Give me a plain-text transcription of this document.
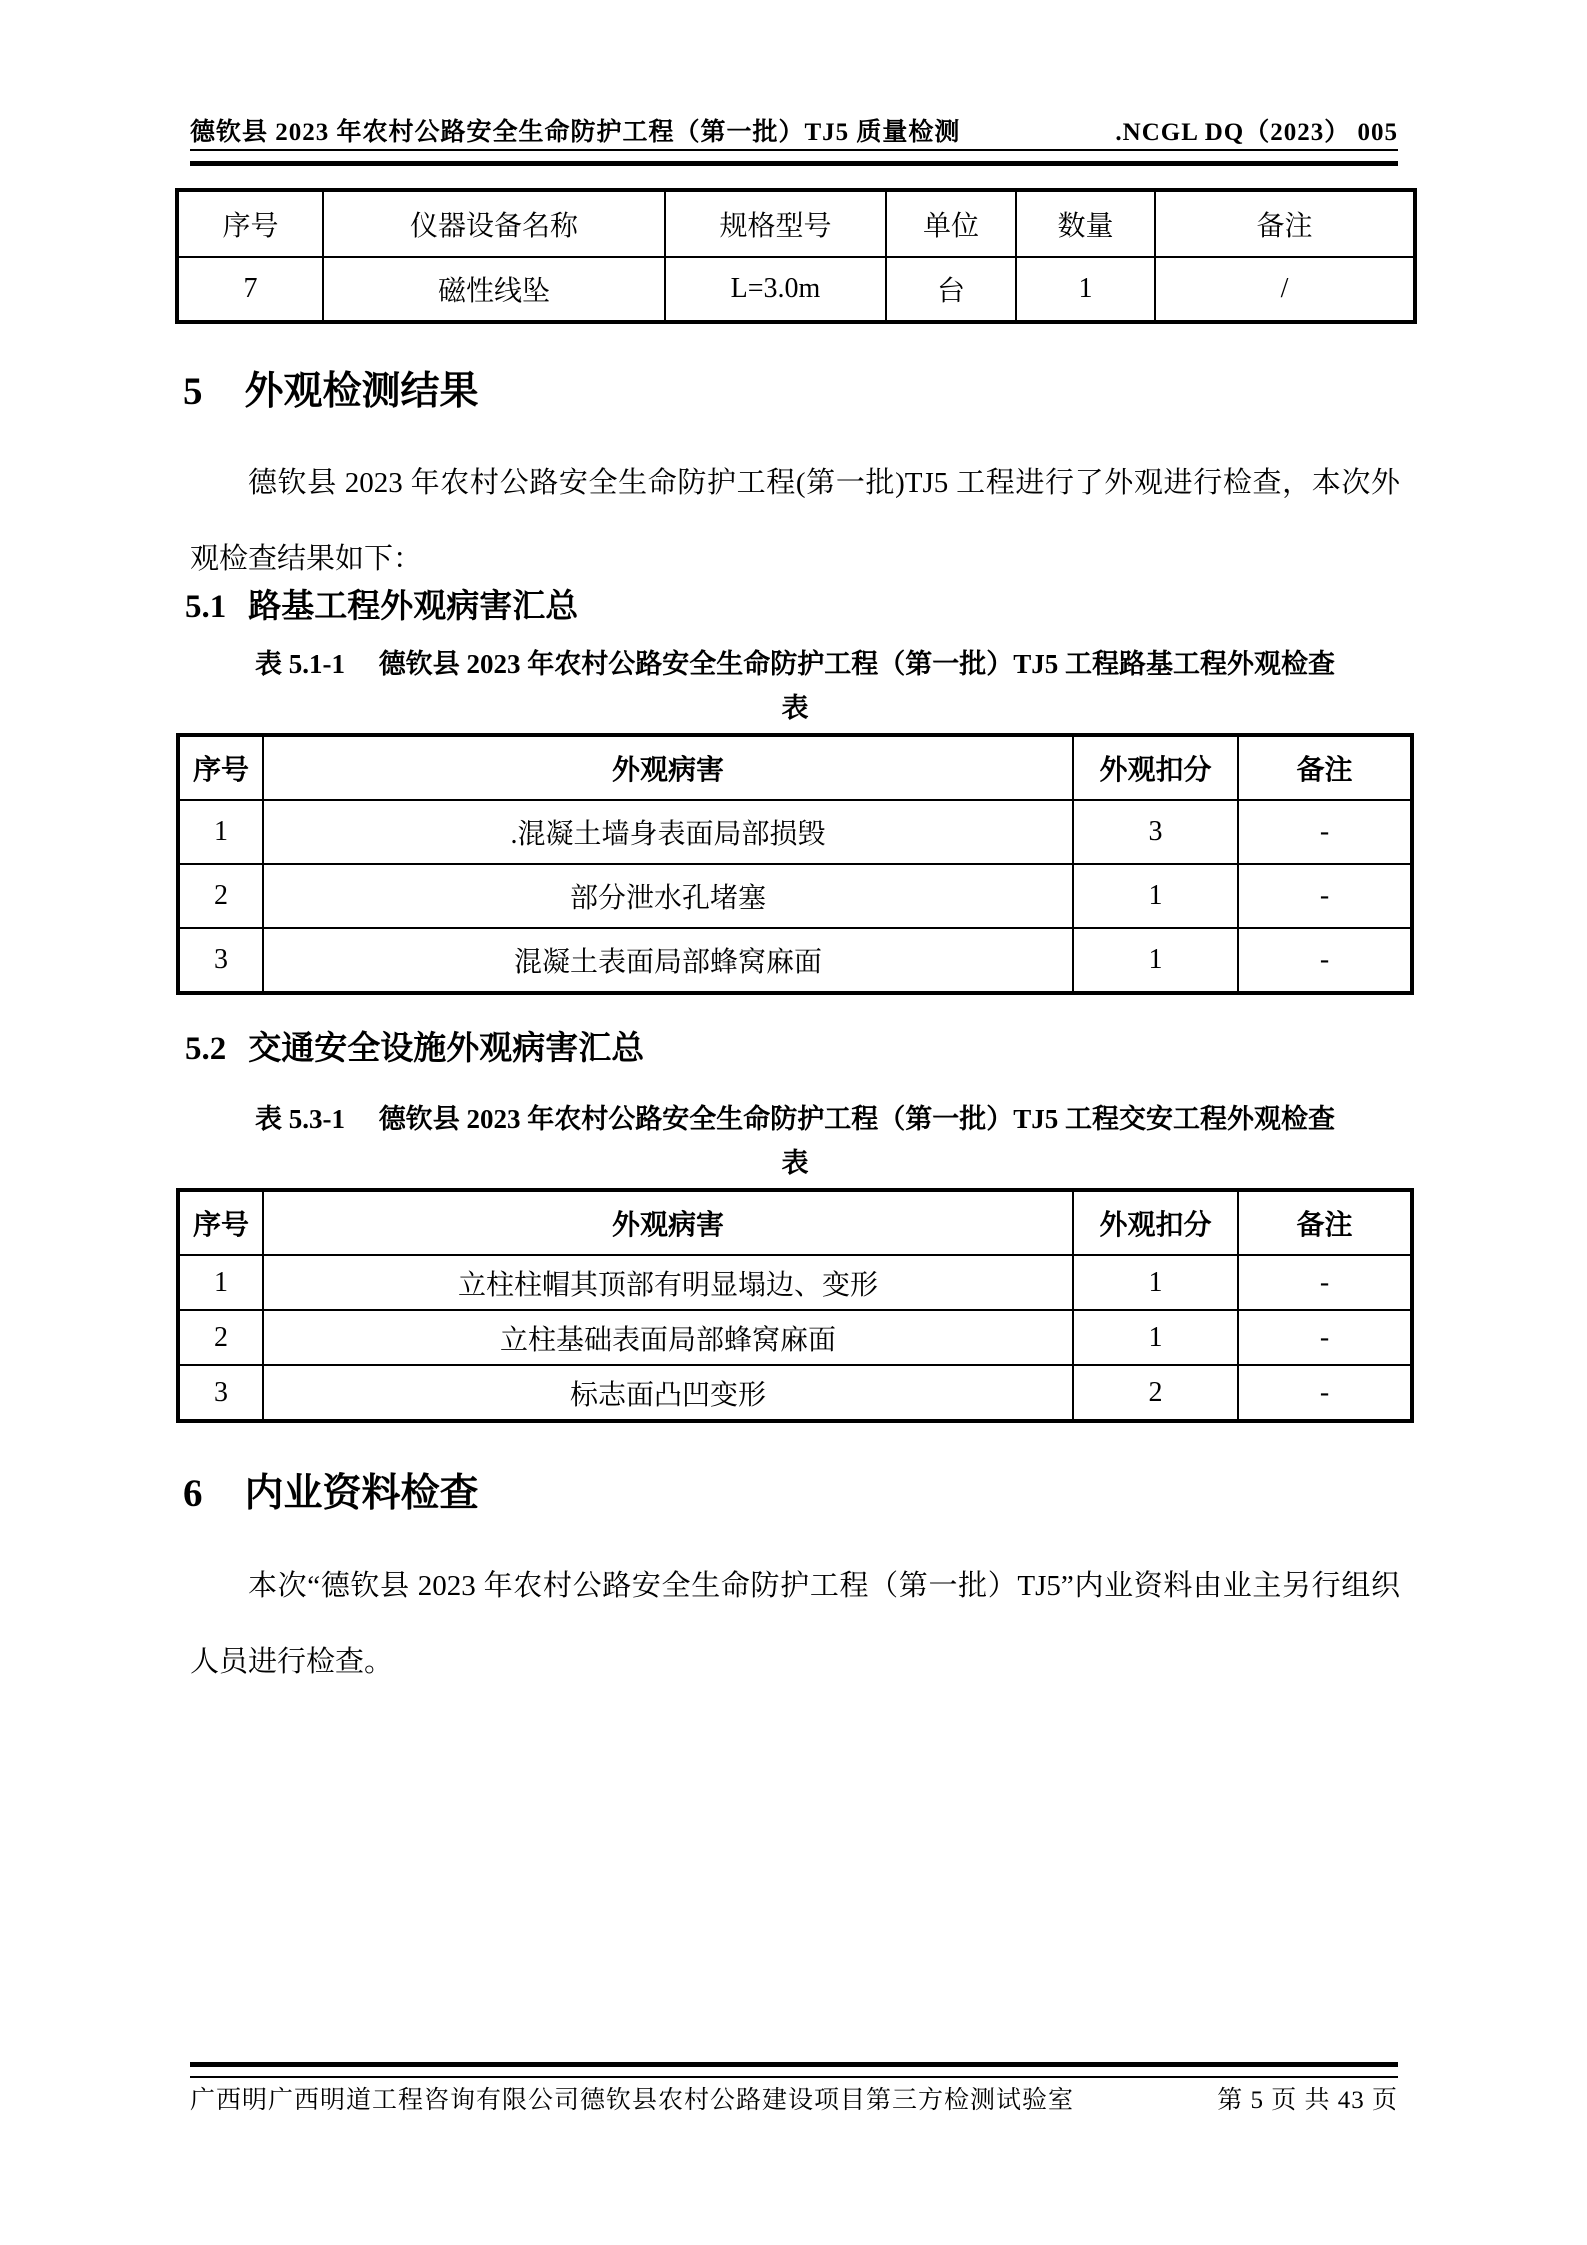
德钦县 2023 年农村公路安全生命防护工程（第一批）TJ5 质量检测	.NCGL DQ（2023） 005
序号	仪器设备名称	规格型号	单位	数量	备注
7	磁性线坠	L=3.0m	台	1	/
5 外观检测结果
德钦县 2023 年农村公路安全生命防护工程(第一批)TJ5 工程进行了外观进行检查，本次外观检查结果如下：
5.1 路基工程外观病害汇总
表 5.1-1　 德钦县 2023 年农村公路安全生命防护工程（第一批）TJ5 工程路基工程外观检查
表
序号	外观病害	外观扣分	备注
1	.混凝土墙身表面局部损毁	3	-
2	部分泄水孔堵塞	1	-
3	混凝土表面局部蜂窝麻面	1	-
5.2 交通安全设施外观病害汇总
表 5.3-1　 德钦县 2023 年农村公路安全生命防护工程（第一批）TJ5 工程交安工程外观检查
表
序号	外观病害	外观扣分	备注
1	立柱柱帽其顶部有明显塌边、变形	1	-
2	立柱基础表面局部蜂窝麻面	1	-
3	标志面凸凹变形	2	-
6 内业资料检查
本次“德钦县 2023 年农村公路安全生命防护工程（第一批）TJ5”内业资料由业主另行组织人员进行检查。
广西明广西明道工程咨询有限公司德钦县农村公路建设项目第三方检测试验室	第 5 页 共 43 页
